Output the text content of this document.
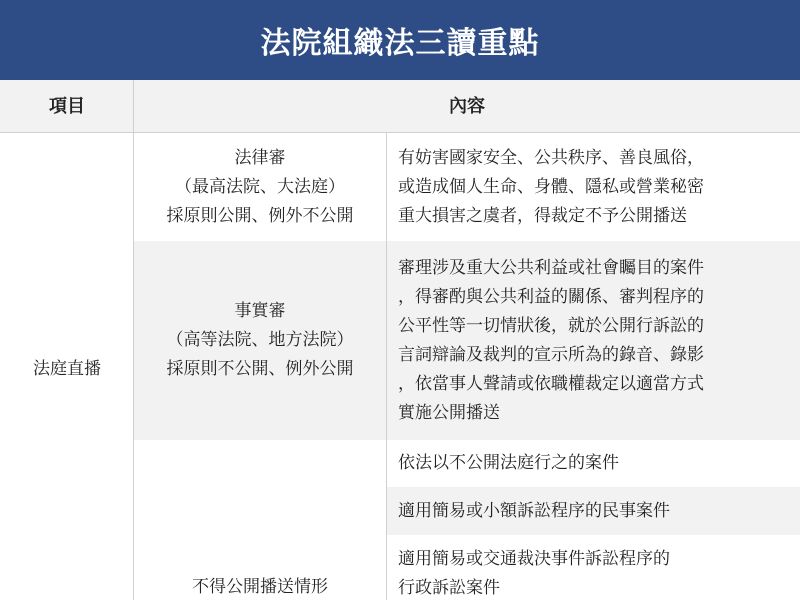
法院組織法三讀重點
項目	內容
法庭直播
法律審
（最高法院、大法庭）
採原則公開、例外不公開
有妨害國家安全、公共秩序、善良風俗，
或造成個人生命、身體、隱私或營業秘密
重大損害之虞者，得裁定不予公開播送
事實審
（高等法院、地方法院）
採原則不公開、例外公開
審理涉及重大公共利益或社會矚目的案件
，得審酌與公共利益的關係、審判程序的
公平性等一切情狀後，就於公開行訴訟的
言詞辯論及裁判的宣示所為的錄音、錄影
，依當事人聲請或依職權裁定以適當方式
實施公開播送
不得公開播送情形
依法以不公開法庭行之的案件
適用簡易或小額訴訟程序的民事案件
適用簡易或交通裁決事件訴訟程序的
行政訴訟案件
